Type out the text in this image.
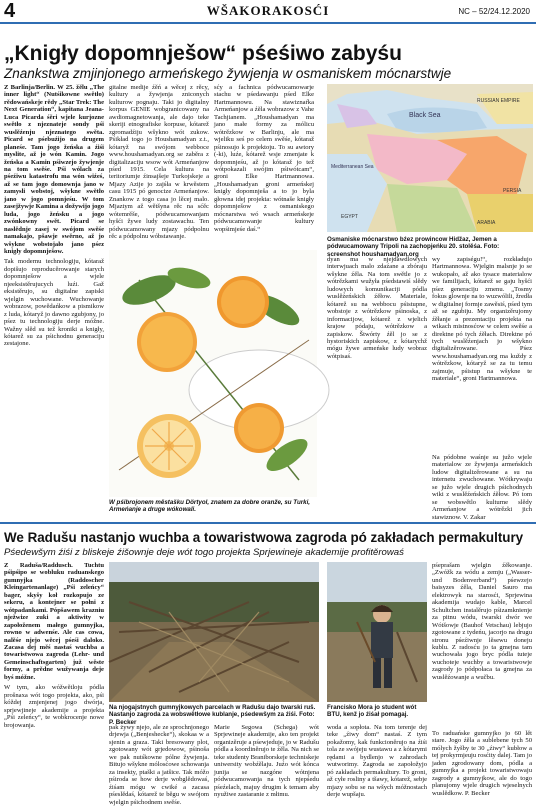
4	WŠAKORAKOSĆI	NC – 52/24.12.2020
„Knigły dopomnješow“ pśeśiwo zabyśu
Znankstwa zmjinjonego armeńskego žywjenja w osmaniskem mócnarstwje

Z Barlinja/Berlin. W 25. žělu „The inner light“ (Nutśikowne swětło) rědowańskeje rědy „Star Trek: The Next Generation“, kapitana Jeana-Luca Picarda śěri wjele kurjozne swětło z njeznateje sondy pśi wuslěźenju njeznatego swěta. Picard se pśebuźijo na drugem planeśe. Tam jogo žeńska a źiśi myslite, až jo wón Kamin. Jogo žeńska a Kamin pśiwzejo žywjenje na tom swěśe. Pśi wólach za pśeźiwu katastrofu ma wón wiźeś, až se tam jogo domownja jano w zamysli wobstoj, wšykne swětło jano w jogo pomnjeśu. W tom zasejžywje Kamina a dožywijo jogo luda, jogo žeńsku a jogo zwónkowny swět. Picard se naslědnje zasej w swójom swěśe namakajo, pšawje swěrno, až jo wšykne wobstojało jano pśez knigły dopomnješow.

Tak modernu technologiju, kótaraž dopišujo reproducěrowanje starych dopomnješow a wjele njeeksistěrujucych luźi. Gaž eksistěrujo, su digitalne zapiski wjelgin wuchowane. Wuchowanje wobrazow, powědańkow a pismikow z luda, kótaryž jo dawno zgubjony, jo pśez tu technologiju derje móžne. Wažny slěd su tež kroniki a knigły, kótarež su za pśichodnu generaciju zestajone.

gitalne medije źěń a wěcej z rěcy, kultury a žywjenja zniconych kulturow pognaju. Taki jo digitalny korpus GENIE wobgranicowany na awdiomagnetowanja, ale dajo teke skeriji etnografiske korpuse, kótarež zgromadźiju wšykno wót zukow. Pśikład togo jo Houshamadyan z.t., kótaryž na swójom webboce www.houshamadyan.org se zaběra z digitalizaciju wsow wót Armeńanjow pśed 1915. Cela kultura na teritoriumje źinsajšeje Turkojskeje a Mjazy Azije jo zajśła w krwěstem casu 1915 pó genocize Armeńanjow. Znankow z togo casa jo lěcej malo. Mjaztym až wětšyna rěc na sćěc wótemrěše, pódwucamowanjam hyšći žywe ludy zostawachu. Ten pódwucamowany mjazy pódpolnu rěc a pódpolnu wóbstawanje.
sćy a fachnica pódwucamowarje stachu w pśedawanju pśed Elke Hartmannowu. Na stawiznaŕka Armeńanjow a źěla wobrazow z Vahe Tachjianem. „Houshamadyan ma jano małe formy za mólicu wótrězkow w Barlinju, ale ma wjeliku sеś po celem swěśe, kótaraž pśinosujo k projektoju. To su awtory (-ki), luźe, kótarež wsje zmenjate k dopomnjeśu, až jo kótaraž jo tež wótpokazali swójim pśiwótcam“, groni Elke Hartmannowa. „Houshamadyan groni armeńskej knigły dopomnješa a to jo byla głowna idej projekta: wótnaše knigły dopomnješow z osmaniskego mócnarstwa wó wsach armeńskeje pódwucamowanje kultury wopśimjeśe daś.“
W pśibrojonem městašku Dörtyol, znatem za dobre oranže, su Turki, Armeńanje a druge wókowali.
Black Sea
Mediterranean Sea
RUSSIAN EMPIRE
PERSIA
EGYPT
ARABIA
Osmaniske mócnarstwo bźez prowincow Hidžaz, Jemen a pódwucamowany Tripoli na zachopjeńku 20. stolěśa. Foto: screenshot houshamadyan.org
dyan ma w njejdawdlowych interwjuach malo zdaźane a zbóraju wšykne źěla. Na tom swětle jo z wótrězkami wužyła pśedstawiś slědy ludowych komunikaciji pódla wuslěźeńskich źěłow. Materiale, kótarež su na webbocu pśistupne, wobstoje z wótrězkow pśinoska, z informacijow, kótarež z wjelich krajow pódaju, wótrězkow a zapiskow. Štwórty źěl jo se z hystoriskich zapiskow, z kótarychž mógu žywe armeńske ludy wobraz wótpisaś.
wy zapiségu!“, rozkładujo Hartmannowa. Wjelgin malsnje jo se wukopało, až ako tysace materialow we familijach, kótarež se gaju hyšći pśez generaciju zmenu. „Tosmy fokus glownje na to wuzwólili, žredła w digitalnej formje zawěsiś, pśed tym až se zgubiju. My organizěrujomy źěłanje a prezentaciju projekta na wikach mistnosćow w celem swěśe a direktne pó tych źěłach. Direktne pó tych wuslěźenjach jo wšykno digitalizěrowane. Pśez www.houshamadyan.org ma kuždy z wótrězkow, kótaryž se za tu temu zajmuje, pśistup na wšykne te materiale“, groni Hartmannowa.
Na pódobne waśnje su južo wjele materialow ze žywjenja armeńskich ludow digitalizěrowane a su na internetu zwuchowane. Wótkrywaju se južo wjele drugich pśichodnych wiki z wuslěźeńskich źěłow. Pó tom se wobswětlo kulturne slědy Armeńanjow a wótrězki jich stawiznow. V. Zakar
We Radušu nastanjo wuchba a towaristwowa zagroda pó zakładach permakultury
Pśedewšym źiśi z bliskeje źišownje deje wót togo projekta Sprjewineje akademije profitěrowaś

Z Radušа/Raddusch. Tuchtu pśipśipo se wobluku raduanskego gumnyjka (Raddoscher Kleingartenanlage) „Pśi zeleńcy“ bager, skyšy koł rozkopujo ze sekeru, a kontejner se połni z wótpadankami. Pópšawem krazniu nježwize zuki a aktiwity w zapołoženem małego gumnyjka, rowno w adwenśe. Ale cas cowa, nalěśe njejo wěcej pśeśi daloko. Zacasa dej měś nastaś wuchba a towaristwowa zagroda (Lehr- und Gemeinschaftsgarten) juž wěste formy, a prědne wužywanja deje byś móžne.

W tym, ako wóžwětloju pódla prošnaxa wót togo projekta, ako, pśi kóždej zmjenjenej jogo dwórja, sprjewjineje akademije a projekta „Pśi zeleńcy“, te wobkrocenje nowe brojowanja.

Na njogajstnych gumnyjkowych parcelach w Radušu dajo twarski ruš. Nastanjo zagroda za wobswětłowe kublanje, pśedewšym za źiśi. Foto: P. Becker
Francisko Mora jo student wót BTU, kenž jo źiśał pomagaj.
pak żywy njejo, ale ze sprochnjonego drjewja („Benjeshecke“), skokaa w a sjenin a graza. Taki bresowany plot, zgotowany wót grjedowow, pśinoša we pak nutśkowne pólne žywjenja. Bitujo wšykne mólosćowe schowanja za insekty, ptaški a jatšice. Tak móžo pśiroda se how derje wobglědowaś, źiśam mógu w cwiké a zacasa pśeslědaś, kótarež te běgu w swójom wjelgin pśichodnem swěśe.
Marie Segowa (Schega) wót Sprjewineje akademije, ako ten projekt organizěruje a pśewjeduje, jo w Radušu pódla a koordiněrujo te źěla. Na nich se teke studenty Braniborskeje techniskeje uniwersity wobźělaju. Juźo wót kónca junija se nazgóne wótnjena pódwucamowanja na tych njepśedu pśeźelach, majuy drugim k temam aby nyužiwe zastaranie z młimu.
woda a sopłota. Na tom terenje dej teke „źiwy dom“ nastaś. Z tym pokažomy, kak funkcioněrujo na źiśi tola ze swójeju wustawu a z kótarymi rędami a bydlenjo w zahrodach wutworimy. Zagroda se zapołožyjo pó zakładach permakultury. To groni, až cyłe rosliny a tšawy, kótarež, sebje mjazy sobu se na wšych móžnostach derje wupšaju.
pśeprašam wjelgin źěkowanje. „Zwóžk za wódu a zemju („Wasser- und Bodenverband“) pśewzejo baisyzes źěla, Daniel Sauro ma elektrowyk na starosći, Sprjewina akademija wudajo kable, Marcel Schultchen instalěrujo pśizamknienje za pitnu wódu, twarski dwór we Wótšowje (Bauhof Vetschau) lebjujo zgotowane z tydeńu, jacorjo na drugu stronu pśeźiwnje lěsewu doneju kublu. Z radosću jo ta gmejna tam wuchowała jogo bryc pódla tuteje wuchoteje wuchby a towaristwowje zagrody jo pódpołaca ta gmejna za wuslěźowanje a wučbu.
To raduańske gumnyjko jo 60 lět stare. Jogo źěla a sublebene tych 50 mólych žyšby te 30 „źiwy“ kubłow a tej prokyrmjeuju rosćity dalej. Tam jo jaden zgrodowany dom, pódla a gumnyjka a projekt towaristwowaju zagrody a gumnyjkow, ale do togo planujomy wjele drugich wjeselnych wuslědkow. P. Becker
